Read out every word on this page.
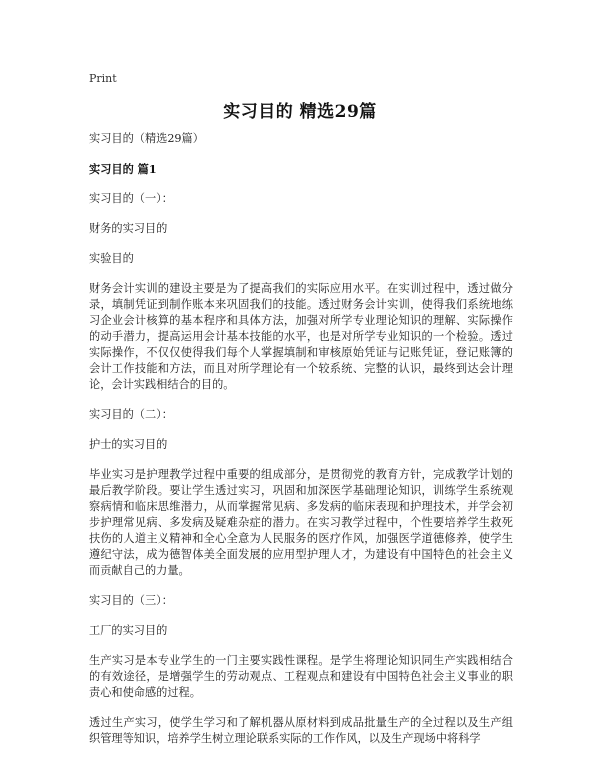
Print
实习目的 精选29篇

实习目的（精选29篇）

实习目的 篇1

实习目的（一）：

财务的实习目的

实验目的

财务会计实训的建设主要是为了提高我们的实际应用水平。在实训过程中，透过做分录，填制凭证到制作账本来巩固我们的技能。透过财务会计实训，使得我们系统地练习企业会计核算的基本程序和具体方法，加强对所学专业理论知识的理解、实际操作的动手潜力，提高运用会计基本技能的水平，也是对所学专业知识的一个检验。透过实际操作，不仅仅使得我们每个人掌握填制和审核原始凭证与记账凭证，登记账簿的会计工作技能和方法，而且对所学理论有一个较系统、完整的认识，最终到达会计理论，会计实践相结合的目的。

实习目的（二）：

护士的实习目的

毕业实习是护理教学过程中重要的组成部分，是贯彻党的教育方针，完成教学计划的最后教学阶段。要让学生透过实习，巩固和加深医学基础理论知识，训练学生系统观察病情和临床思维潜力，从而掌握常见病、多发病的临床表现和护理技术，并学会初步护理常见病、多发病及疑难杂症的潜力。在实习教学过程中，个性要培养学生救死扶伤的人道主义精神和全心全意为人民服务的医疗作风，加强医学道德修养，使学生遵纪守法，成为德智体美全面发展的应用型护理人才，为建设有中国特色的社会主义而贡献自己的力量。

实习目的（三）：

工厂的实习目的

生产实习是本专业学生的一门主要实践性课程。是学生将理论知识同生产实践相结合的有效途径，是增强学生的劳动观点、工程观点和建设有中国特色社会主义事业的职责心和使命感的过程。

透过生产实习，使学生学习和了解机器从原材料到成品批量生产的全过程以及生产组织管理等知识，培养学生树立理论联系实际的工作作风，以及生产现场中将科学
